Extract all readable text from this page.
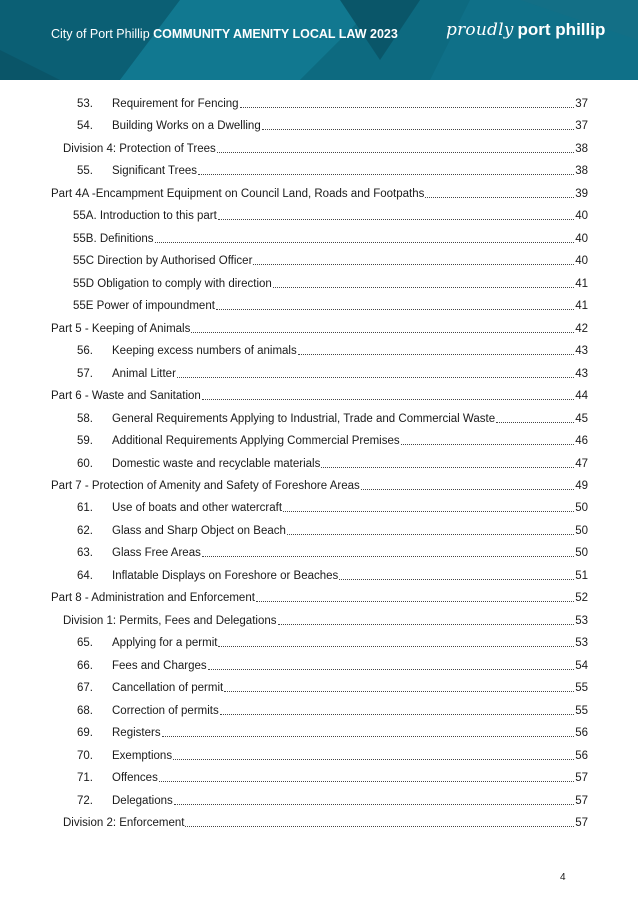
City of Port Phillip COMMUNITY AMENITY LOCAL LAW 2023	proudly port phillip
53.	Requirement for Fencing	37
54.	Building Works on a Dwelling	37
Division 4: Protection of Trees	38
55.	Significant Trees	38
Part 4A -Encampment Equipment on Council Land, Roads and Footpaths	39
55A. Introduction to this part	40
55B. Definitions	40
55C Direction by Authorised Officer	40
55D Obligation to comply with direction	41
55E Power of impoundment	41
Part 5 - Keeping of Animals	42
56.	Keeping excess numbers of animals	43
57.	Animal Litter	43
Part 6 - Waste and Sanitation	44
58.	General Requirements Applying to Industrial, Trade and Commercial Waste	45
59.	Additional Requirements Applying Commercial Premises	46
60.	Domestic waste and recyclable materials	47
Part 7 - Protection of Amenity and Safety of Foreshore Areas	49
61.	Use of boats and other watercraft	50
62.	Glass and Sharp Object on Beach	50
63.	Glass Free Areas	50
64.	Inflatable Displays on Foreshore or Beaches	51
Part 8 - Administration and Enforcement	52
Division 1: Permits, Fees and Delegations	53
65.	Applying for a permit	53
66.	Fees and Charges	54
67.	Cancellation of permit	55
68.	Correction of permits	55
69.	Registers	56
70.	Exemptions	56
71.	Offences	57
72.	Delegations	57
Division 2: Enforcement	57
4
